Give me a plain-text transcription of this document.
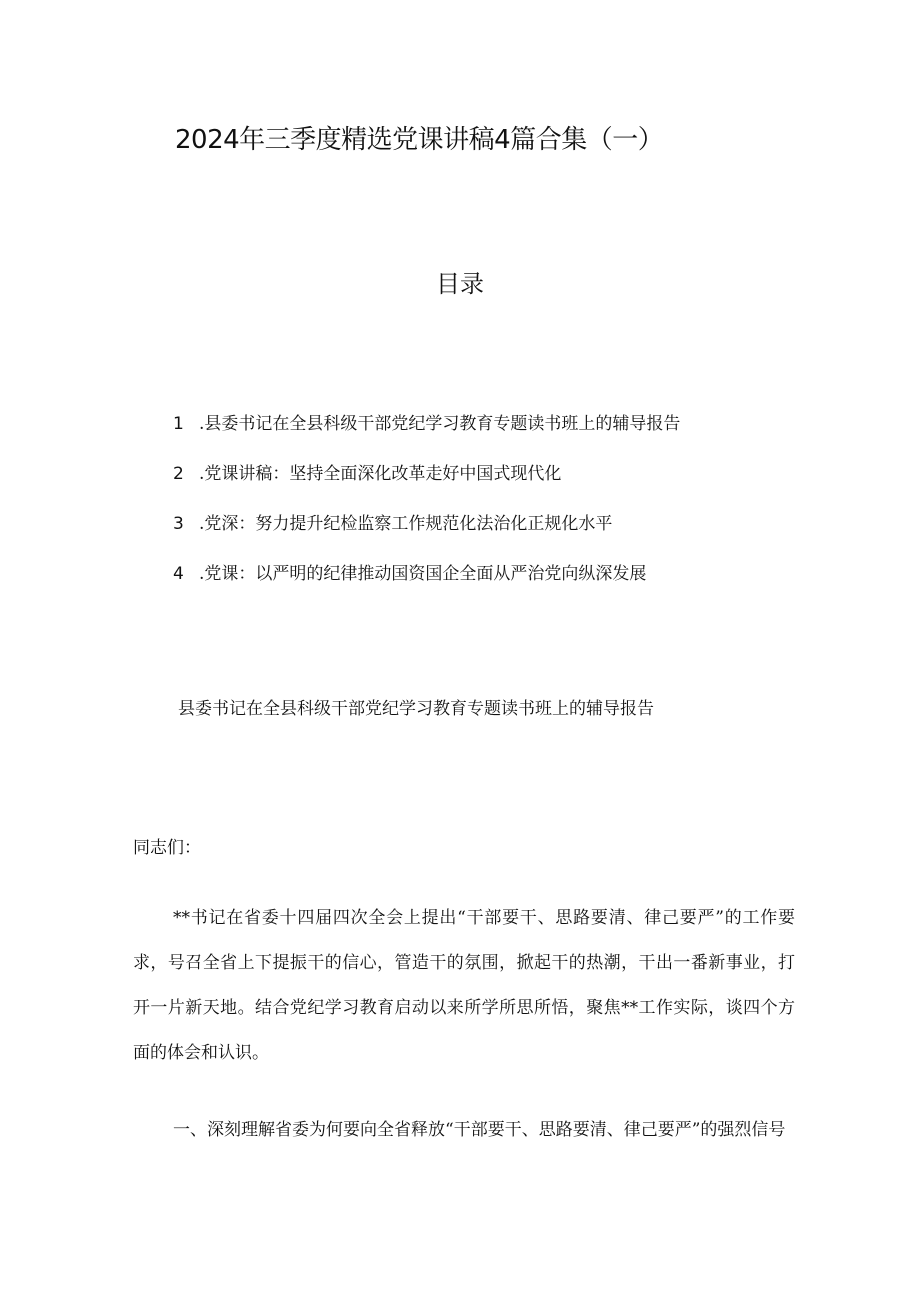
2024年三季度精选党课讲稿4篇合集（一）
目录
1 .县委书记在全县科级干部党纪学习教育专题读书班上的辅导报告
2 .党课讲稿：坚持全面深化改革走好中国式现代化
3 .党深：努力提升纪检监察工作规范化法治化正规化水平
4 .党课：以严明的纪律推动国资国企全面从严治党向纵深发展
县委书记在全县科级干部党纪学习教育专题读书班上的辅导报告
同志们：

**书记在省委十四届四次全会上提出“干部要干、思路要清、律己要严”的工作要求，号召全省上下提振干的信心，管造干的氛围，掀起干的热潮，干出一番新事业，打开一片新天地。结合党纪学习教育启动以来所学所思所悟，聚焦**工作实际，谈四个方面的体会和认识。

一、深刻理解省委为何要向全省释放“干部要干、思路要清、律己要严”的强烈信号
